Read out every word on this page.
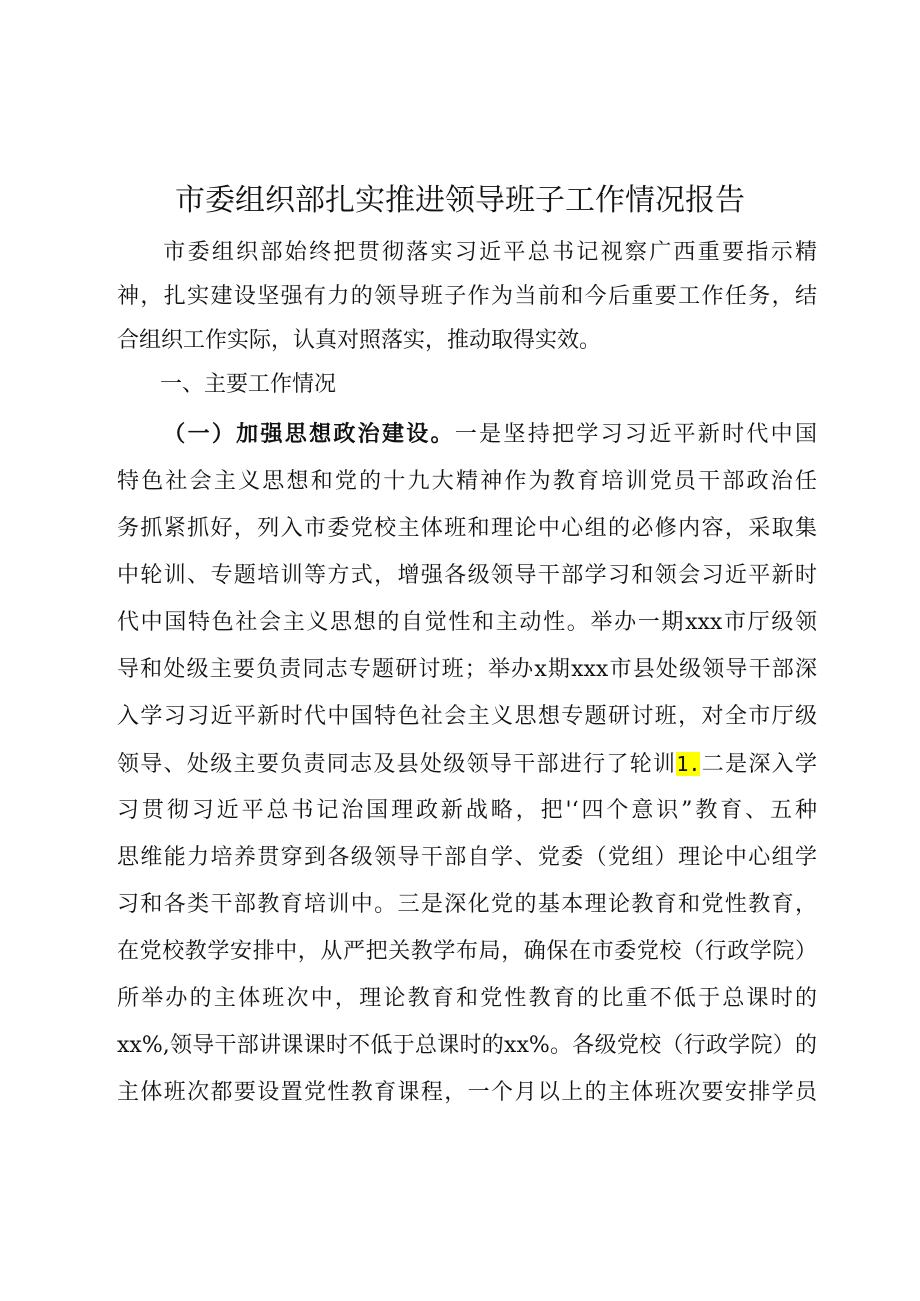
市委组织部扎实推进领导班子工作情况报告
市委组织部始终把贯彻落实习近平总书记视察广西重要指示精
神，扎实建设坚强有力的领导班子作为当前和今后重要工作任务，结
合组织工作实际，认真对照落实，推动取得实效。
一、主要工作情况
（一）加强思想政治建设。一是坚持把学习习近平新时代中国
特色社会主义思想和党的十九大精神作为教育培训党员干部政治任
务抓紧抓好，列入市委党校主体班和理论中心组的必修内容，采取集
中轮训、专题培训等方式，增强各级领导干部学习和领会习近平新时
代中国特色社会主义思想的自觉性和主动性。举办一期xxx市厅级领
导和处级主要负责同志专题研讨班；举办x期xxx市县处级领导干部深
入学习习近平新时代中国特色社会主义思想专题研讨班，对全市厅级
领导、处级主要负责同志及县处级领导干部进行了轮训1.二是深入学
习贯彻习近平总书记治国理政新战略，把'‘四个意识”教育、五种
思维能力培养贯穿到各级领导干部自学、党委（党组）理论中心组学
习和各类干部教育培训中。三是深化党的基本理论教育和党性教育，
在党校教学安排中，从严把关教学布局，确保在市委党校（行政学院）
所举办的主体班次中，理论教育和党性教育的比重不低于总课时的
xx%,领导干部讲课课时不低于总课时的xx%。各级党校（行政学院）的
主体班次都要设置党性教育课程，一个月以上的主体班次要安排学员
